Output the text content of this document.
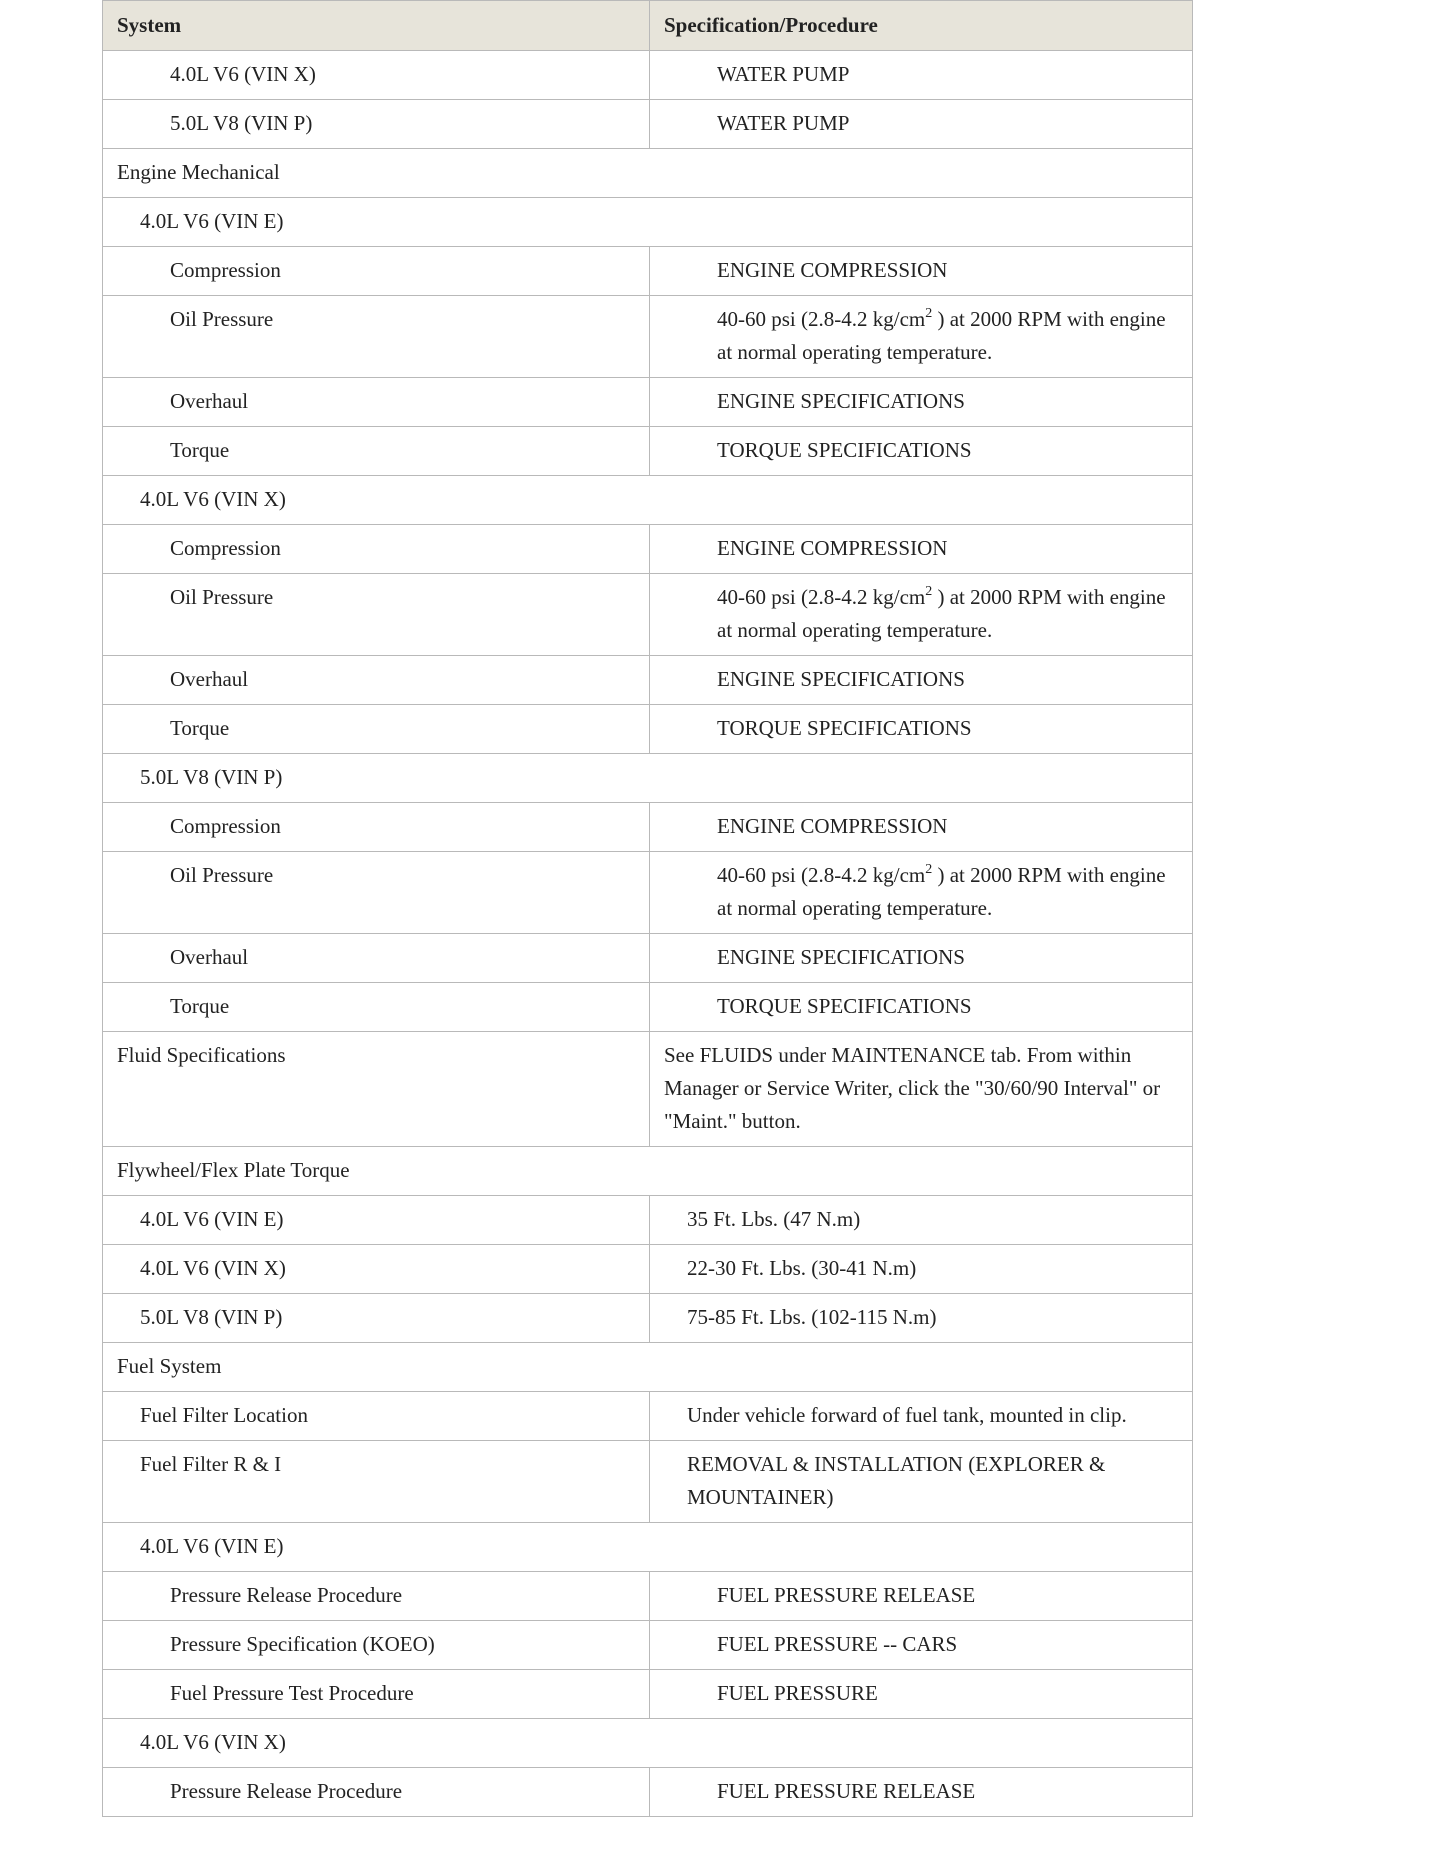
System	Specification/Procedure
4.0L V6 (VIN X)	WATER PUMP
5.0L V8 (VIN P)	WATER PUMP
Engine Mechanical	
4.0L V6 (VIN E)	
Compression	ENGINE COMPRESSION
Oil Pressure	40-60 psi (2.8-4.2 $kg/cm^2$ ) at 2000 RPM with engine at normal operating temperature.
Overhaul	ENGINE SPECIFICATIONS
Torque	TORQUE SPECIFICATIONS
4.0L V6 (VIN X)	
Compression	ENGINE COMPRESSION
Oil Pressure	40-60 psi (2.8-4.2 $kg/cm^2$ ) at 2000 RPM with engine at normal operating temperature.
Overhaul	ENGINE SPECIFICATIONS
Torque	TORQUE SPECIFICATIONS
5.0L V8 (VIN P)	
Compression	ENGINE COMPRESSION
Oil Pressure	40-60 psi (2.8-4.2 $kg/cm^2$ ) at 2000 RPM with engine at normal operating temperature.
Overhaul	ENGINE SPECIFICATIONS
Torque	TORQUE SPECIFICATIONS
Fluid Specifications	See FLUIDS under MAINTENANCE tab. From within Manager or Service Writer, click the "30/60/90 Interval" or "Maint." button.
Flywheel/Flex Plate Torque	
4.0L V6 (VIN E)	35 Ft. Lbs. (47 N.m)
4.0L V6 (VIN X)	22-30 Ft. Lbs. (30-41 N.m)
5.0L V8 (VIN P)	75-85 Ft. Lbs. (102-115 N.m)
Fuel System	
Fuel Filter Location	Under vehicle forward of fuel tank, mounted in clip.
Fuel Filter R & I	REMOVAL & INSTALLATION (EXPLORER & MOUNTAINER)
4.0L V6 (VIN E)	
Pressure Release Procedure	FUEL PRESSURE RELEASE
Pressure Specification (KOEO)	FUEL PRESSURE -- CARS
Fuel Pressure Test Procedure	FUEL PRESSURE
4.0L V6 (VIN X)	
Pressure Release Procedure	FUEL PRESSURE RELEASE
